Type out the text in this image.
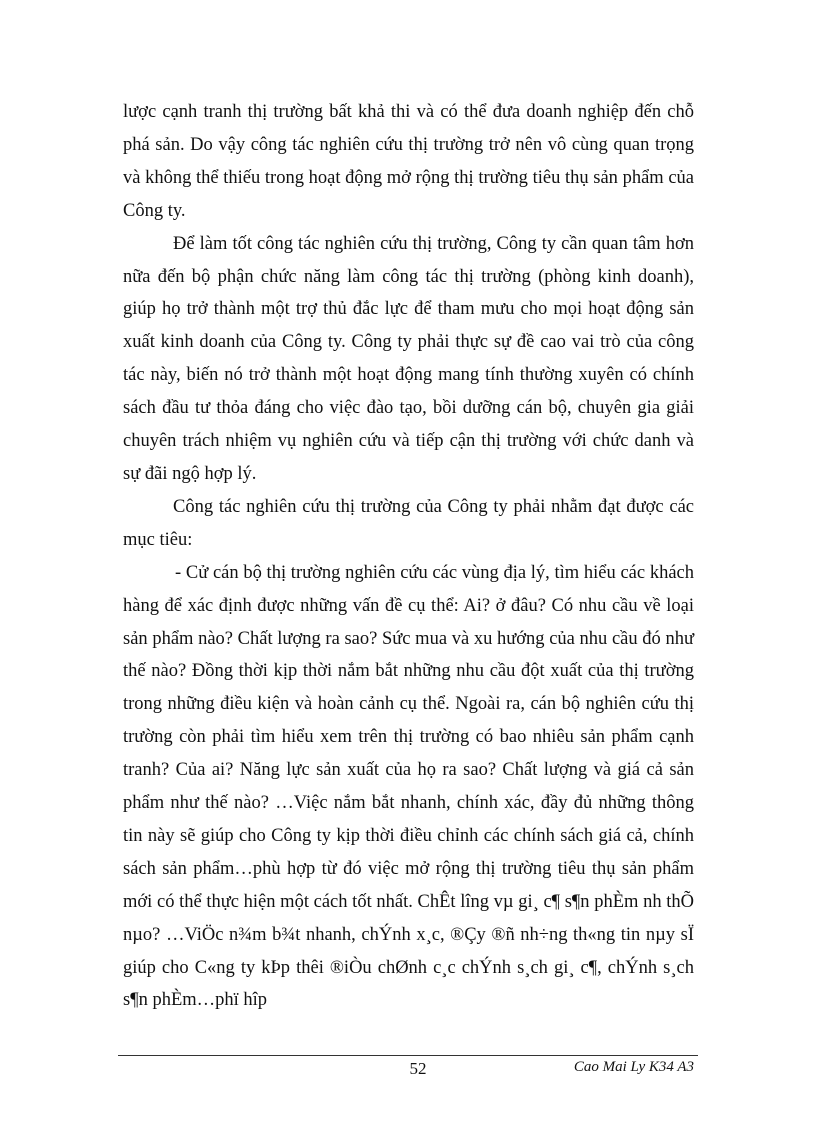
lược cạnh tranh thị trường bất khả thi và có thể đưa doanh nghiệp đến chỗ phá sản. Do vậy công tác nghiên cứu thị trường trở nên vô cùng quan trọng và không thể thiếu trong hoạt động mở rộng thị trường tiêu thụ sản phẩm của Công ty.

Để làm tốt công tác nghiên cứu thị trường, Công ty cần quan tâm hơn nữa đến bộ phận chức năng làm công tác thị trường (phòng kinh doanh), giúp họ trở thành một trợ thủ đắc lực để tham mưu cho mọi hoạt động sản xuất kinh doanh của Công ty. Công ty phải thực sự đề cao vai trò của công tác này, biến nó trở thành một hoạt động mang tính thường xuyên có chính sách đầu tư thỏa đáng cho việc đào tạo, bồi dưỡng cán bộ, chuyên gia giải chuyên trách nhiệm vụ nghiên cứu và tiếp cận thị trường với chức danh và sự đãi ngộ hợp lý.

Công tác nghiên cứu thị trường của Công ty phải nhằm đạt được các mục tiêu:

- Cử cán bộ thị trường nghiên cứu các vùng địa lý, tìm hiểu các khách hàng để xác định được những vấn đề cụ thể: Ai? ở đâu? Có nhu cầu về loại sản phẩm nào? Chất lượng ra sao? Sức mua và xu hướng của nhu cầu đó như thế nào? Đồng thời kịp thời nắm bắt những nhu cầu đột xuất của thị trường trong những điều kiện và hoàn cảnh cụ thể. Ngoài ra, cán bộ nghiên cứu thị trường còn phải tìm hiểu xem trên thị trường có bao nhiêu sản phẩm cạnh tranh? Của ai? Năng lực sản xuất của họ ra sao? Chất lượng và giá cả sản phẩm như thế nào? …Việc nắm bắt nhanh, chính xác, đầy đủ những thông tin này sẽ giúp cho Công ty kịp thời điều chỉnh các chính sách giá cả, chính sách sản phẩm…phù hợp từ đó việc mở rộng thị trường tiêu thụ sản phẩm mới có thể thực hiện một cách tốt nhất. ChÊt lîng vµ gi¸ c¶ s¶n phÈm nh thÕ nµo? …ViÖc n¾m b¾t nhanh, chÝnh x¸c, ®Çy ®ñ nh÷ng th«ng tin nµy sÏ giúp cho C«ng ty kÞp thêi ®iÒu chØnh c¸c chÝnh s¸ch gi¸ c¶, chÝnh s¸ch s¶n phÈm…phï hîp

52	Cao Mai Ly K34 A3
